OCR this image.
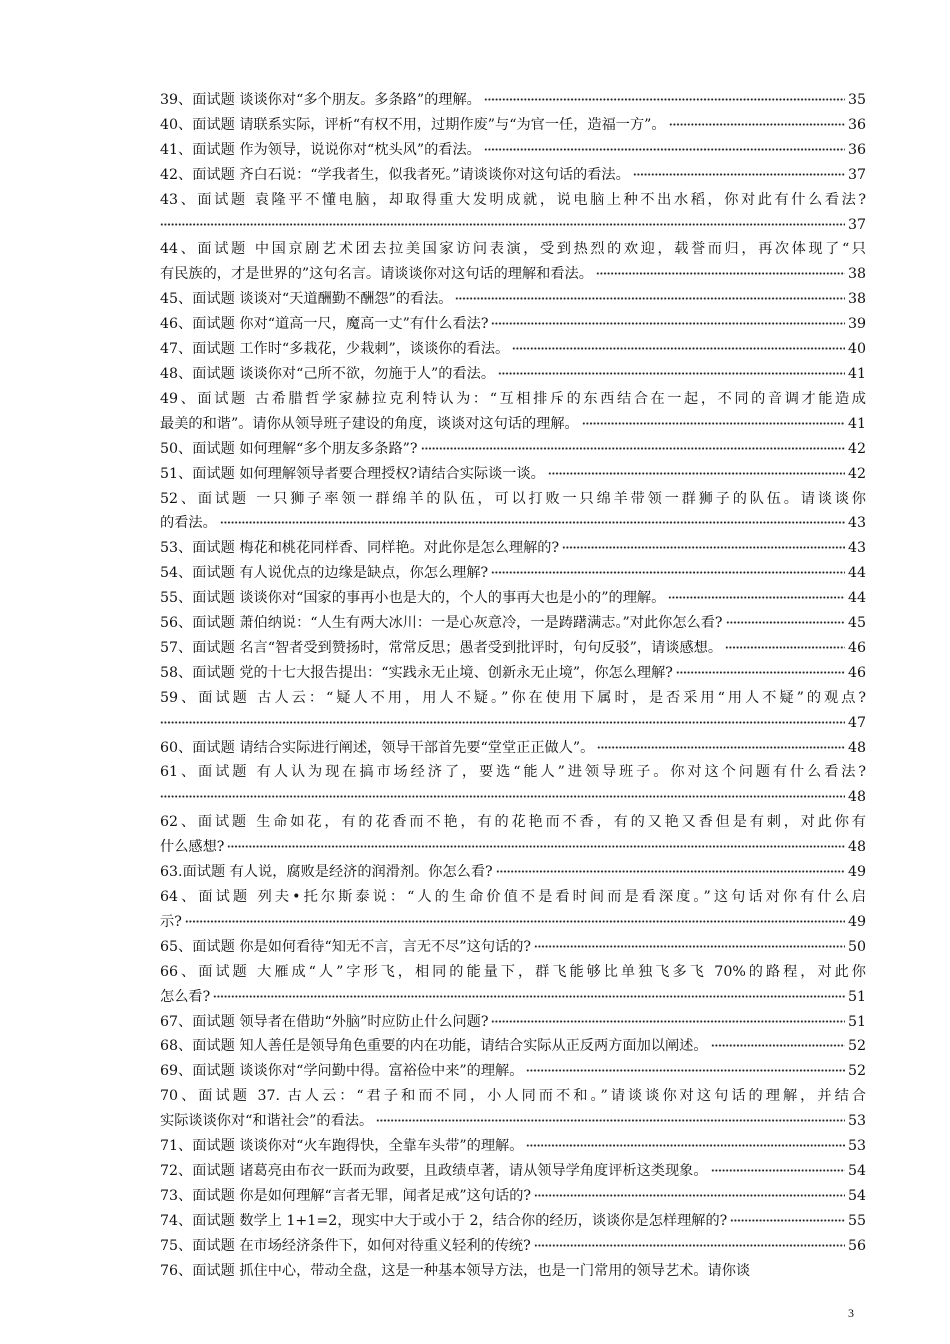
39、面试题 谈谈你对“多个朋友。多条路”的理解。	35
40、面试题 请联系实际，评析“有权不用，过期作废”与“为官一任，造福一方”。	36
41、面试题 作为领导，说说你对“枕头风”的看法。	36
42、面试题 齐白石说：“学我者生，似我者死。”请谈谈你对这句话的看法。	37
43、面试题 袁隆平不懂电脑，却取得重大发明成就，说电脑上种不出水稻，你对此有什么看法?
37
44、面试题 中国京剧艺术团去拉美国家访问表演，受到热烈的欢迎，载誉而归，再次体现了“只
有民族的，才是世界的”这句名言。请谈谈你对这句话的理解和看法。	38
45、面试题 谈谈对“天道酬勤不酬怨”的看法。	38
46、面试题 你对“道高一尺，魔高一丈”有什么看法?	39
47、面试题 工作时“多栽花，少栽刺”，谈谈你的看法。	40
48、面试题 谈谈你对“己所不欲，勿施于人”的看法。	41
49、面试题 古希腊哲学家赫拉克利特认为：“互相排斥的东西结合在一起，不同的音调才能造成
最美的和谐”。请你从领导班子建设的角度，谈谈对这句话的理解。	41
50、面试题 如何理解“多个朋友多条路”?	42
51、面试题 如何理解领导者要合理授权?请结合实际谈一谈。	42
52、面试题 一只狮子率领一群绵羊的队伍，可以打败一只绵羊带领一群狮子的队伍。请谈谈你
的看法。	43
53、面试题 梅花和桃花同样香、同样艳。对此你是怎么理解的?	43
54、面试题 有人说优点的边缘是缺点，你怎么理解?	44
55、面试题 谈谈你对“国家的事再小也是大的，个人的事再大也是小的”的理解。	44
56、面试题 萧伯纳说：“人生有两大冰川：一是心灰意冷，一是踌躇满志。”对此你怎么看?	45
57、面试题 名言“智者受到赞扬时，常常反思；愚者受到批评时，句句反驳”，请谈感想。	46
58、面试题 党的十七大报告提出：“实践永无止境、创新永无止境”，你怎么理解?	46
59、面试题 古人云：“疑人不用，用人不疑。”你在使用下属时，是否采用“用人不疑”的观点?
47
60、面试题 请结合实际进行阐述，领导干部首先要“堂堂正正做人”。	48
61、面试题 有人认为现在搞市场经济了，要选“能人”进领导班子。你对这个问题有什么看法?
48
62、面试题 生命如花，有的花香而不艳，有的花艳而不香，有的又艳又香但是有刺，对此你有
什么感想?	48
63.面试题 有人说，腐败是经济的润滑剂。你怎么看?	49
64、面试题 列夫•托尔斯泰说：“人的生命价值不是看时间而是看深度。”这句话对你有什么启
示?	49
65、面试题 你是如何看待“知无不言，言无不尽”这句话的?	50
66、面试题 大雁成“人”字形飞，相同的能量下，群飞能够比单独飞多飞 70%的路程，对此你
怎么看?	51
67、面试题 领导者在借助“外脑”时应防止什么问题?	51
68、面试题 知人善任是领导角色重要的内在功能，请结合实际从正反两方面加以阐述。	52
69、面试题 谈谈你对“学问勤中得。富裕俭中来”的理解。	52
70、面试题 37. 古人云：“君子和而不同，小人同而不和。”请谈谈你对这句话的理解，并结合
实际谈谈你对“和谐社会”的看法。	53
71、面试题 谈谈你对“火车跑得快，全靠车头带”的理解。	53
72、面试题 诸葛亮由布衣一跃而为政要，且政绩卓著，请从领导学角度评析这类现象。	54
73、面试题 你是如何理解“言者无罪，闻者足戒”这句话的?	54
74、面试题 数学上 1+1=2，现实中大于或小于 2，结合你的经历，谈谈你是怎样理解的?	55
75、面试题 在市场经济条件下，如何对待重义轻利的传统?	56
76、面试题 抓住中心，带动全盘，这是一种基本领导方法，也是一门常用的领导艺术。请你谈
3
